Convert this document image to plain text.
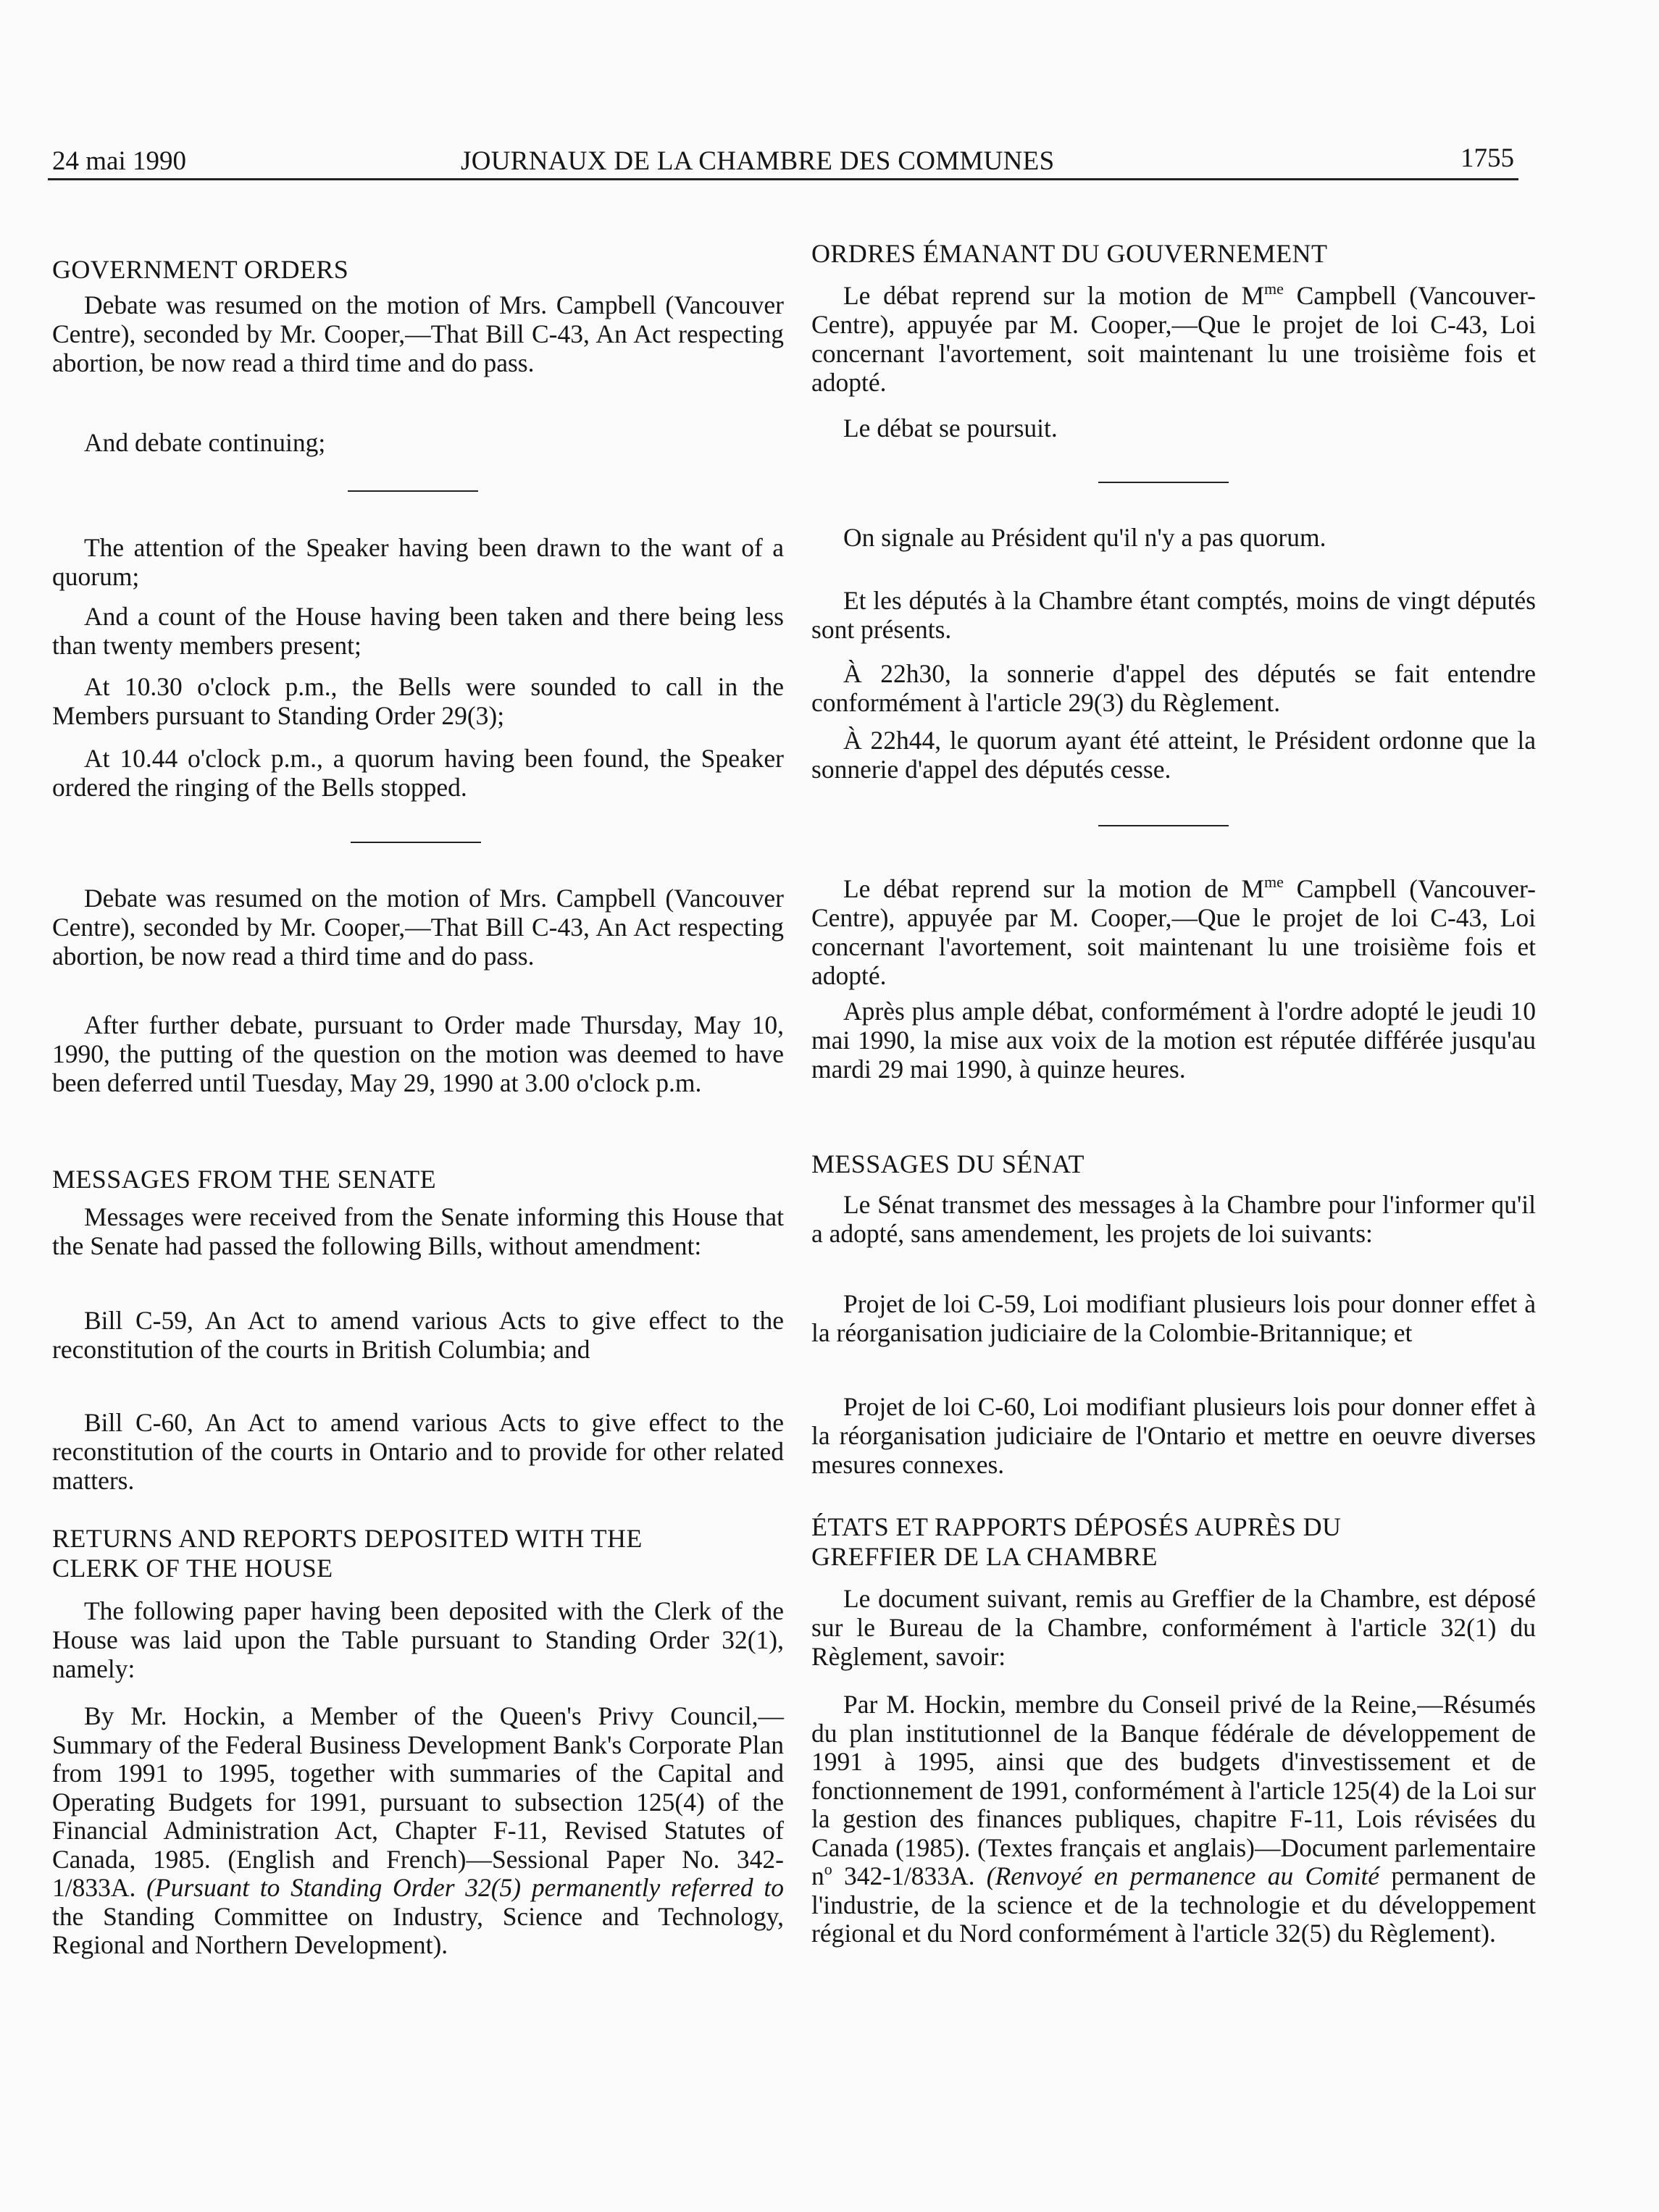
24 mai 1990	JOURNAUX DE LA CHAMBRE DES COMMUNES	1755
GOVERNMENT ORDERS

Debate was resumed on the motion of Mrs. Campbell (Vancouver Centre), seconded by Mr. Cooper,—That Bill C-43, An Act respecting abortion, be now read a third time and do pass.

And debate continuing;

The attention of the Speaker having been drawn to the want of a quorum;

And a count of the House having been taken and there being less than twenty members present;

At 10.30 o'clock p.m., the Bells were sounded to call in the Members pursuant to Standing Order 29(3);

At 10.44 o'clock p.m., a quorum having been found, the Speaker ordered the ringing of the Bells stopped.

Debate was resumed on the motion of Mrs. Campbell (Vancouver Centre), seconded by Mr. Cooper,—That Bill C-43, An Act respecting abortion, be now read a third time and do pass.

After further debate, pursuant to Order made Thursday, May 10, 1990, the putting of the question on the motion was deemed to have been deferred until Tuesday, May 29, 1990 at 3.00 o'clock p.m.

MESSAGES FROM THE SENATE

Messages were received from the Senate informing this House that the Senate had passed the following Bills, without amendment:

Bill C-59, An Act to amend various Acts to give effect to the reconstitution of the courts in British Columbia; and

Bill C-60, An Act to amend various Acts to give effect to the reconstitution of the courts in Ontario and to provide for other related matters.

RETURNS AND REPORTS DEPOSITED WITH THE
CLERK OF THE HOUSE

The following paper having been deposited with the Clerk of the House was laid upon the Table pursuant to Standing Order 32(1), namely:

By Mr. Hockin, a Member of the Queen's Privy Council,—Summary of the Federal Business Development Bank's Corporate Plan from 1991 to 1995, together with summaries of the Capital and Operating Budgets for 1991, pursuant to subsection 125(4) of the Financial Administration Act, Chapter F-11, Revised Statutes of Canada, 1985. (English and French)—Sessional Paper No. 342-1/833A. (Pursuant to Standing Order 32(5) permanently referred to the Standing Committee on Industry, Science and Technology, Regional and Northern Development).

ORDRES ÉMANANT DU GOUVERNEMENT

Le débat reprend sur la motion de $M^{me}$ Campbell (Vancouver-Centre), appuyée par M. Cooper,—Que le projet de loi C-43, Loi concernant l'avortement, soit maintenant lu une troisième fois et adopté.

Le débat se poursuit.

On signale au Président qu'il n'y a pas quorum.

Et les députés à la Chambre étant comptés, moins de vingt députés sont présents.

À 22h30, la sonnerie d'appel des députés se fait entendre conformément à l'article 29(3) du Règlement.

À 22h44, le quorum ayant été atteint, le Président ordonne que la sonnerie d'appel des députés cesse.

Le débat reprend sur la motion de $M^{me}$ Campbell (Vancouver-Centre), appuyée par M. Cooper,—Que le projet de loi C-43, Loi concernant l'avortement, soit maintenant lu une troisième fois et adopté.

Après plus ample débat, conformément à l'ordre adopté le jeudi 10 mai 1990, la mise aux voix de la motion est réputée différée jusqu'au mardi 29 mai 1990, à quinze heures.

MESSAGES DU SÉNAT

Le Sénat transmet des messages à la Chambre pour l'informer qu'il a adopté, sans amendement, les projets de loi suivants:

Projet de loi C-59, Loi modifiant plusieurs lois pour donner effet à la réorganisation judiciaire de la Colombie-Britannique; et

Projet de loi C-60, Loi modifiant plusieurs lois pour donner effet à la réorganisation judiciaire de l'Ontario et mettre en oeuvre diverses mesures connexes.

ÉTATS ET RAPPORTS DÉPOSÉS AUPRÈS DU
GREFFIER DE LA CHAMBRE

Le document suivant, remis au Greffier de la Chambre, est déposé sur le Bureau de la Chambre, conformément à l'article 32(1) du Règlement, savoir:

Par M. Hockin, membre du Conseil privé de la Reine,—Résumés du plan institutionnel de la Banque fédérale de développement de 1991 à 1995, ainsi que des budgets d'investissement et de fonctionnement de 1991, conformément à l'article 125(4) de la Loi sur la gestion des finances publiques, chapitre F-11, Lois révisées du Canada (1985). (Textes français et anglais)—Document parlementaire $n^o$ 342-1/833A. (Renvoyé en permanence au Comité permanent de l'industrie, de la science et de la technologie et du développement régional et du Nord conformément à l'article 32(5) du Règlement).
